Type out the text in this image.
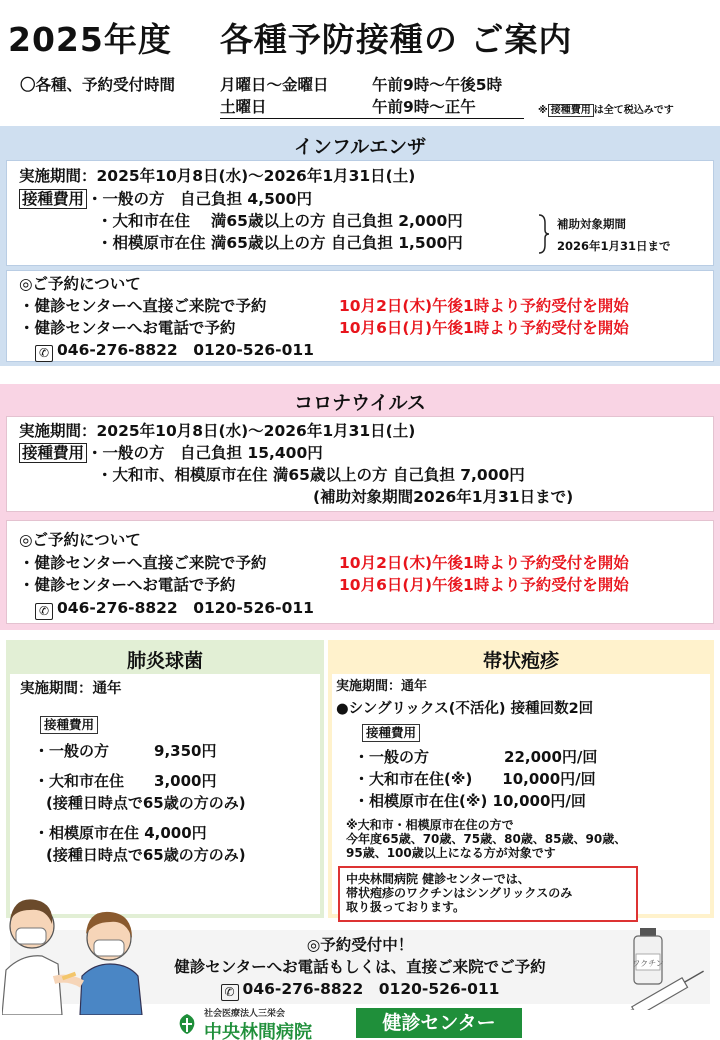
2025年度 各種予防接種の ご案内
〇各種、予約受付時間	月曜日～金曜日	午前9時～午後5時
土曜日	午前9時～正午	※ 接種費用 は全て税込みです
インフルエンザ
実施期間：2025年10月8日(水)～2026年1月31日(土)
接種費用 ・一般の方　自己負担 4,500円
・大和市在住　 満65歳以上の方 自己負担 2,000円
・相模原市在住 満65歳以上の方 自己負担 1,500円
補助対象期間
2026年1月31日まで
◎ご予約について
・健診センターへ直接ご来院で予約	10月2日(木)午後1時より予約受付を開始
・健診センターへお電話で予約	10月6日(月)午後1時より予約受付を開始
✆ 046-276-8822　0120-526-011
コロナウイルス
実施期間：2025年10月8日(水)～2026年1月31日(土)
接種費用 ・一般の方　自己負担 15,400円
・大和市、相模原市在住 満65歳以上の方 自己負担 7,000円
(補助対象期間2026年1月31日まで)
◎ご予約について
・健診センターへ直接ご来院で予約	10月2日(木)午後1時より予約受付を開始
・健診センターへお電話で予約	10月6日(月)午後1時より予約受付を開始
✆ 046-276-8822　0120-526-011
肺炎球菌
実施期間：通年
接種費用
・一般の方　　　9,350円
・大和市在住　　3,000円
(接種日時点で65歳の方のみ)
・相模原市在住 4,000円
(接種日時点で65歳の方のみ)
帯状疱疹
実施期間：通年
●シングリックス(不活化) 接種回数2回
接種費用
・一般の方　　　　　22,000円/回
・大和市在住(※)　　10,000円/回
・相模原市在住(※) 10,000円/回
※大和市・相模原市在住の方で
今年度65歳、70歳、75歳、80歳、85歳、90歳、
95歳、100歳以上になる方が対象です
中央林間病院 健診センターでは、
帯状疱疹のワクチンはシングリックスのみ
取り扱っております。
◎予約受付中！
健診センターへお電話もしくは、直接ご来院でご予約
✆ 046-276-8822　0120-526-011
ワクチン
社会医療法人三栄会
中央林間病院	健診センター
